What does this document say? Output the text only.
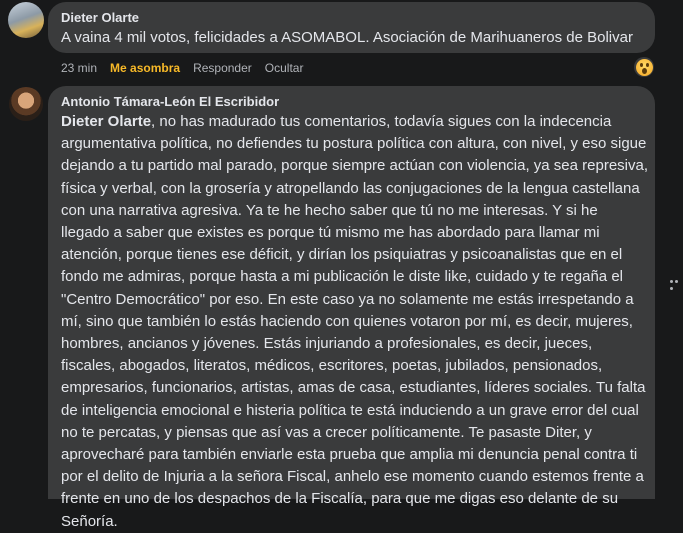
Dieter Olarte
A vaina 4 mil votos, felicidades a ASOMABOL. Asociación de Marihuaneros de Bolivar
23 min Me asombra Responder Ocultar
Antonio Támara-León El Escribidor
Dieter Olarte, no has madurado tus comentarios, todavía sigues con la indecencia argumentativa política, no defiendes tu postura política con altura, con nivel, y eso sigue dejando a tu partido mal parado, porque siempre actúan con violencia, ya sea represiva, física y verbal, con la grosería y atropellando las conjugaciones de la lengua castellana con una narrativa agresiva. Ya te he hecho saber que tú no me interesas. Y si he llegado a saber que existes es porque tú mismo me has abordado para llamar mi atención, porque tienes ese déficit, y dirían los psiquiatras y psicoanalistas que en el fondo me admiras, porque hasta a mi publicación le diste like, cuidado y te regaña el "Centro Democrático" por eso. En este caso ya no solamente me estás irrespetando a mí, sino que también lo estás haciendo con quienes votaron por mí, es decir, mujeres, hombres, ancianos y jóvenes. Estás injuriando a profesionales, es decir, jueces, fiscales, abogados, literatos, médicos, escritores, poetas, jubilados, pensionados, empresarios, funcionarios, artistas, amas de casa, estudiantes, líderes sociales. Tu falta de inteligencia emocional e histeria política te está induciendo a un grave error del cual no te percatas, y piensas que así vas a crecer políticamente. Te pasaste Diter, y aprovecharé para también enviarle esta prueba que amplia mi denuncia penal contra ti por el delito de Injuria a la señora Fiscal, anhelo ese momento cuando estemos frente a frente en uno de los despachos de la Fiscalía, para que me digas eso delante de su Señoría.
